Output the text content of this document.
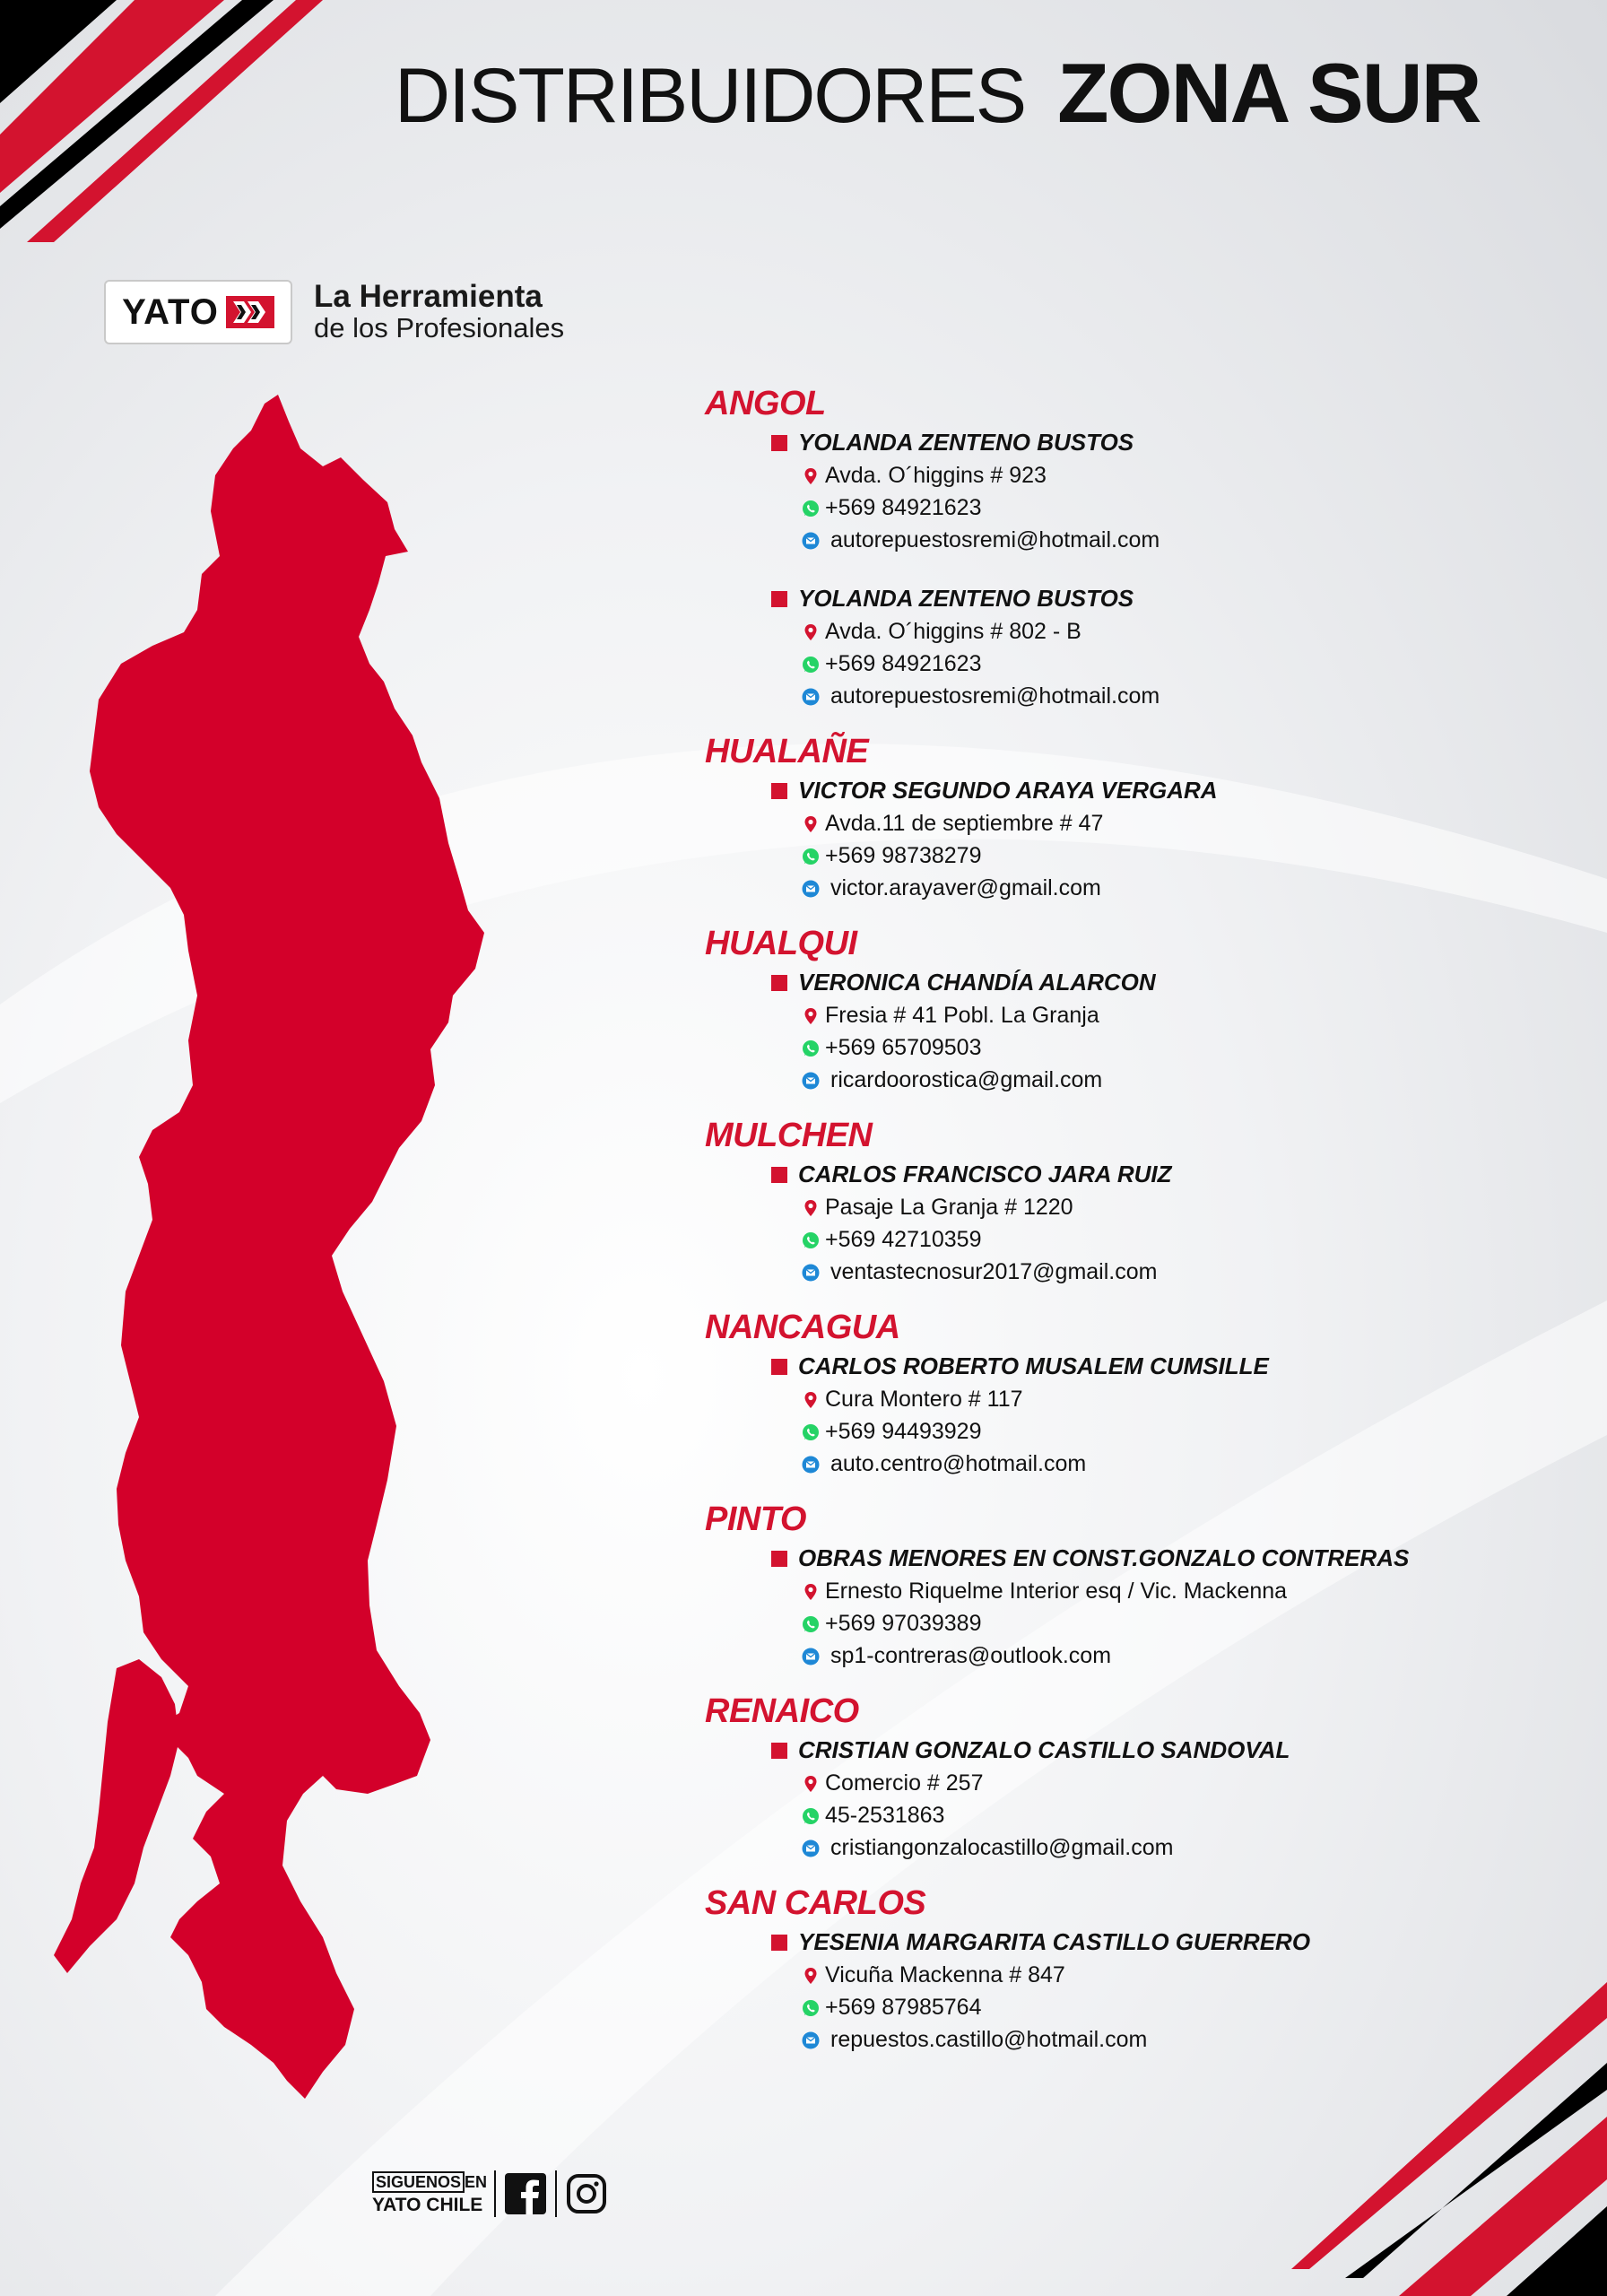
DISTRIBUIDORES ZONA SUR
YATO	La Herramienta
de los Profesionales
ANGOL
YOLANDA ZENTENO BUSTOS
Avda. O´higgins # 923
+569 84921623
autorepuestosremi@hotmail.com
YOLANDA ZENTENO BUSTOS
Avda. O´higgins # 802 - B
+569 84921623
autorepuestosremi@hotmail.com
HUALAÑE
VICTOR SEGUNDO ARAYA VERGARA
Avda.11 de septiembre # 47
+569 98738279
victor.arayaver@gmail.com
HUALQUI
VERONICA CHANDÍA ALARCON
Fresia # 41 Pobl. La Granja
+569 65709503
ricardoorostica@gmail.com
MULCHEN
CARLOS FRANCISCO JARA RUIZ
Pasaje La Granja # 1220
+569 42710359
ventastecnosur2017@gmail.com
NANCAGUA
CARLOS ROBERTO MUSALEM CUMSILLE
Cura Montero # 117
+569 94493929
auto.centro@hotmail.com
PINTO
OBRAS MENORES EN CONST.GONZALO CONTRERAS
Ernesto Riquelme Interior esq / Vic. Mackenna
+569 97039389
sp1-contreras@outlook.com
RENAICO
CRISTIAN GONZALO CASTILLO SANDOVAL
Comercio # 257
45-2531863
cristiangonzalocastillo@gmail.com
SAN CARLOS
YESENIA MARGARITA CASTILLO GUERRERO
Vicuña Mackenna # 847
+569 87985764
repuestos.castillo@hotmail.com
SIGUENOS EN
YATO CHILE
